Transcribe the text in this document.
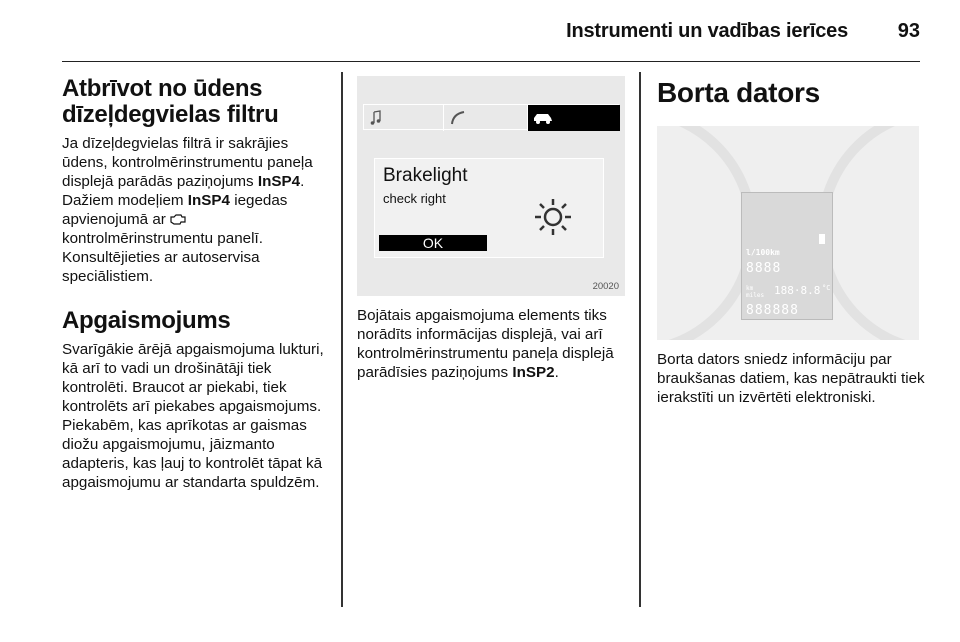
Instrumenti un vadības ierīces 93
Atbrīvot no ūdens
dīzeļdegvielas filtru

Ja dīzeļdegvielas filtrā ir sakrājies ūdens, kontrolmērinstrumentu paneļa displejā parādās paziņojums InSP4. Dažiem modeļiem InSP4 iegedas apvienojumā ar
kontrolmērinstrumentu panelī. Konsultējieties ar autoservisa speciālistiem.

Apgaismojums

Svarīgākie ārējā apgaismojuma lukturi, kā arī to vadi un drošinātāji tiek kontrolēti. Braucot ar piekabi, tiek kontrolēts arī piekabes apgaismojums. Piekabēm, kas aprīkotas ar gaismas diožu apgaismojumu, jāizmanto adapteris, kas ļauj to kontrolēt tāpat kā apgaismojumu ar standarta spuldzēm.

Brakelight
check right
OK
20020

Bojātais apgaismojuma elements tiks norādīts informācijas displejā, vai arī kontrolmērinstrumentu paneļa displejā parādīsies paziņojums InSP2.

Borta dators
l/100km
8888
km
miles 188·8.8 °C
888888

Borta dators sniedz informāciju par braukšanas datiem, kas nepātraukti tiek ierakstīti un izvērtēti elektroniski.
